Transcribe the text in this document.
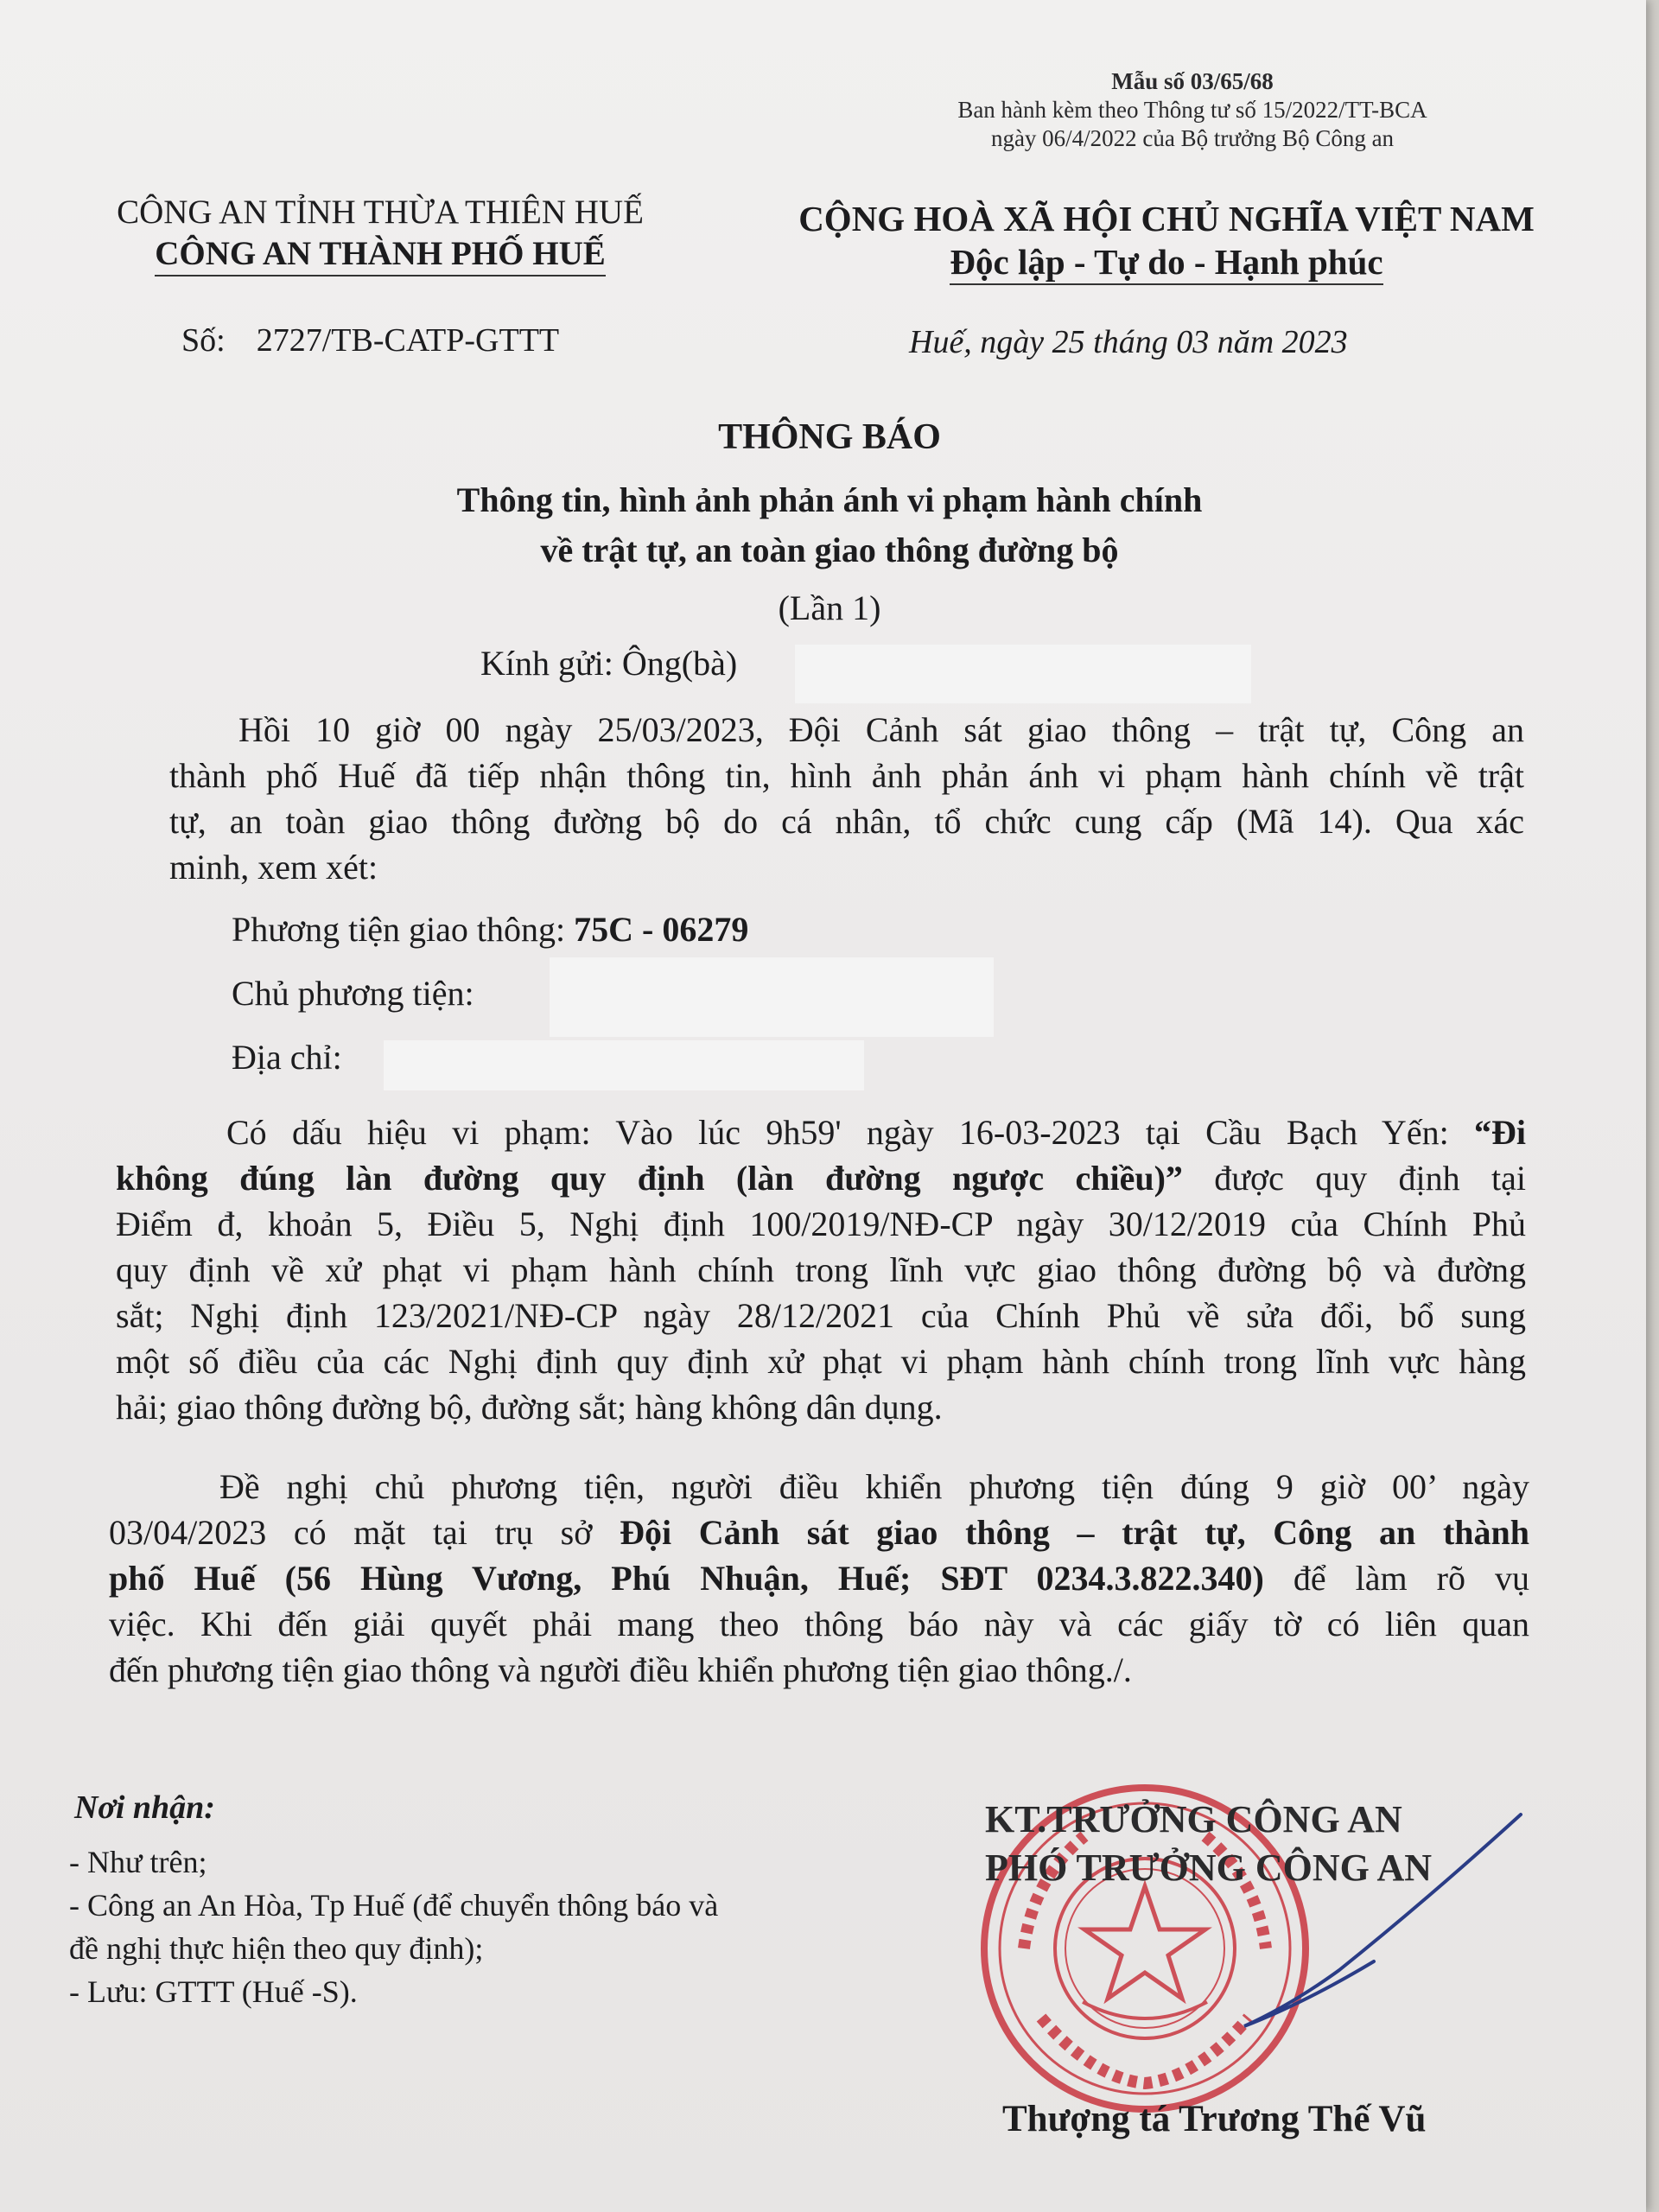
Mẫu số 03/65/68
Ban hành kèm theo Thông tư số 15/2022/TT-BCA
ngày 06/4/2022 của Bộ trưởng Bộ Công an
CÔNG AN TỈNH THỪA THIÊN HUẾ
CÔNG AN THÀNH PHỐ HUẾ
CỘNG HOÀ XÃ HỘI CHỦ NGHĨA VIỆT NAM
Độc lập - Tự do - Hạnh phúc
Số: 2727/TB-CATP-GTTT	Huế, ngày 25 tháng 03 năm 2023
THÔNG BÁO
Thông tin, hình ảnh phản ánh vi phạm hành chính
về trật tự, an toàn giao thông đường bộ
(Lần 1)
Kính gửi: Ông(bà)
Hồi 10 giờ 00 ngày 25/03/2023, Đội Cảnh sát giao thông – trật tự, Công an
thành phố Huế đã tiếp nhận thông tin, hình ảnh phản ánh vi phạm hành chính về trật
tự, an toàn giao thông đường bộ do cá nhân, tổ chức cung cấp (Mã 14). Qua xác
minh, xem xét:
Phương tiện giao thông: 75C - 06279
Chủ phương tiện:
Địa chỉ:
Có dấu hiệu vi phạm: Vào lúc 9h59' ngày 16-03-2023 tại Cầu Bạch Yến: “Đi
không đúng làn đường quy định (làn đường ngược chiều)” được quy định tại
Điểm đ, khoản 5, Điều 5, Nghị định 100/2019/NĐ-CP ngày 30/12/2019 của Chính Phủ
quy định về xử phạt vi phạm hành chính trong lĩnh vực giao thông đường bộ và đường
sắt; Nghị định 123/2021/NĐ-CP ngày 28/12/2021 của Chính Phủ về sửa đổi, bổ sung
một số điều của các Nghị định quy định xử phạt vi phạm hành chính trong lĩnh vực hàng
hải; giao thông đường bộ, đường sắt; hàng không dân dụng.
Đề nghị chủ phương tiện, người điều khiển phương tiện đúng 9 giờ 00’ ngày
03/04/2023 có mặt tại trụ sở Đội Cảnh sát giao thông – trật tự, Công an thành
phố Huế (56 Hùng Vương, Phú Nhuận, Huế; SĐT 0234.3.822.340) để làm rõ vụ
việc. Khi đến giải quyết phải mang theo thông báo này và các giấy tờ có liên quan
đến phương tiện giao thông và người điều khiển phương tiện giao thông./.
Nơi nhận:
- Như trên;
- Công an An Hòa, Tp Huế (để chuyển thông báo và
đề nghị thực hiện theo quy định);
- Lưu: GTTT (Huế -S).
KT.TRƯỞNG CÔNG AN
PHÓ TRƯỞNG CÔNG AN
Thượng tá Trương Thế Vũ
